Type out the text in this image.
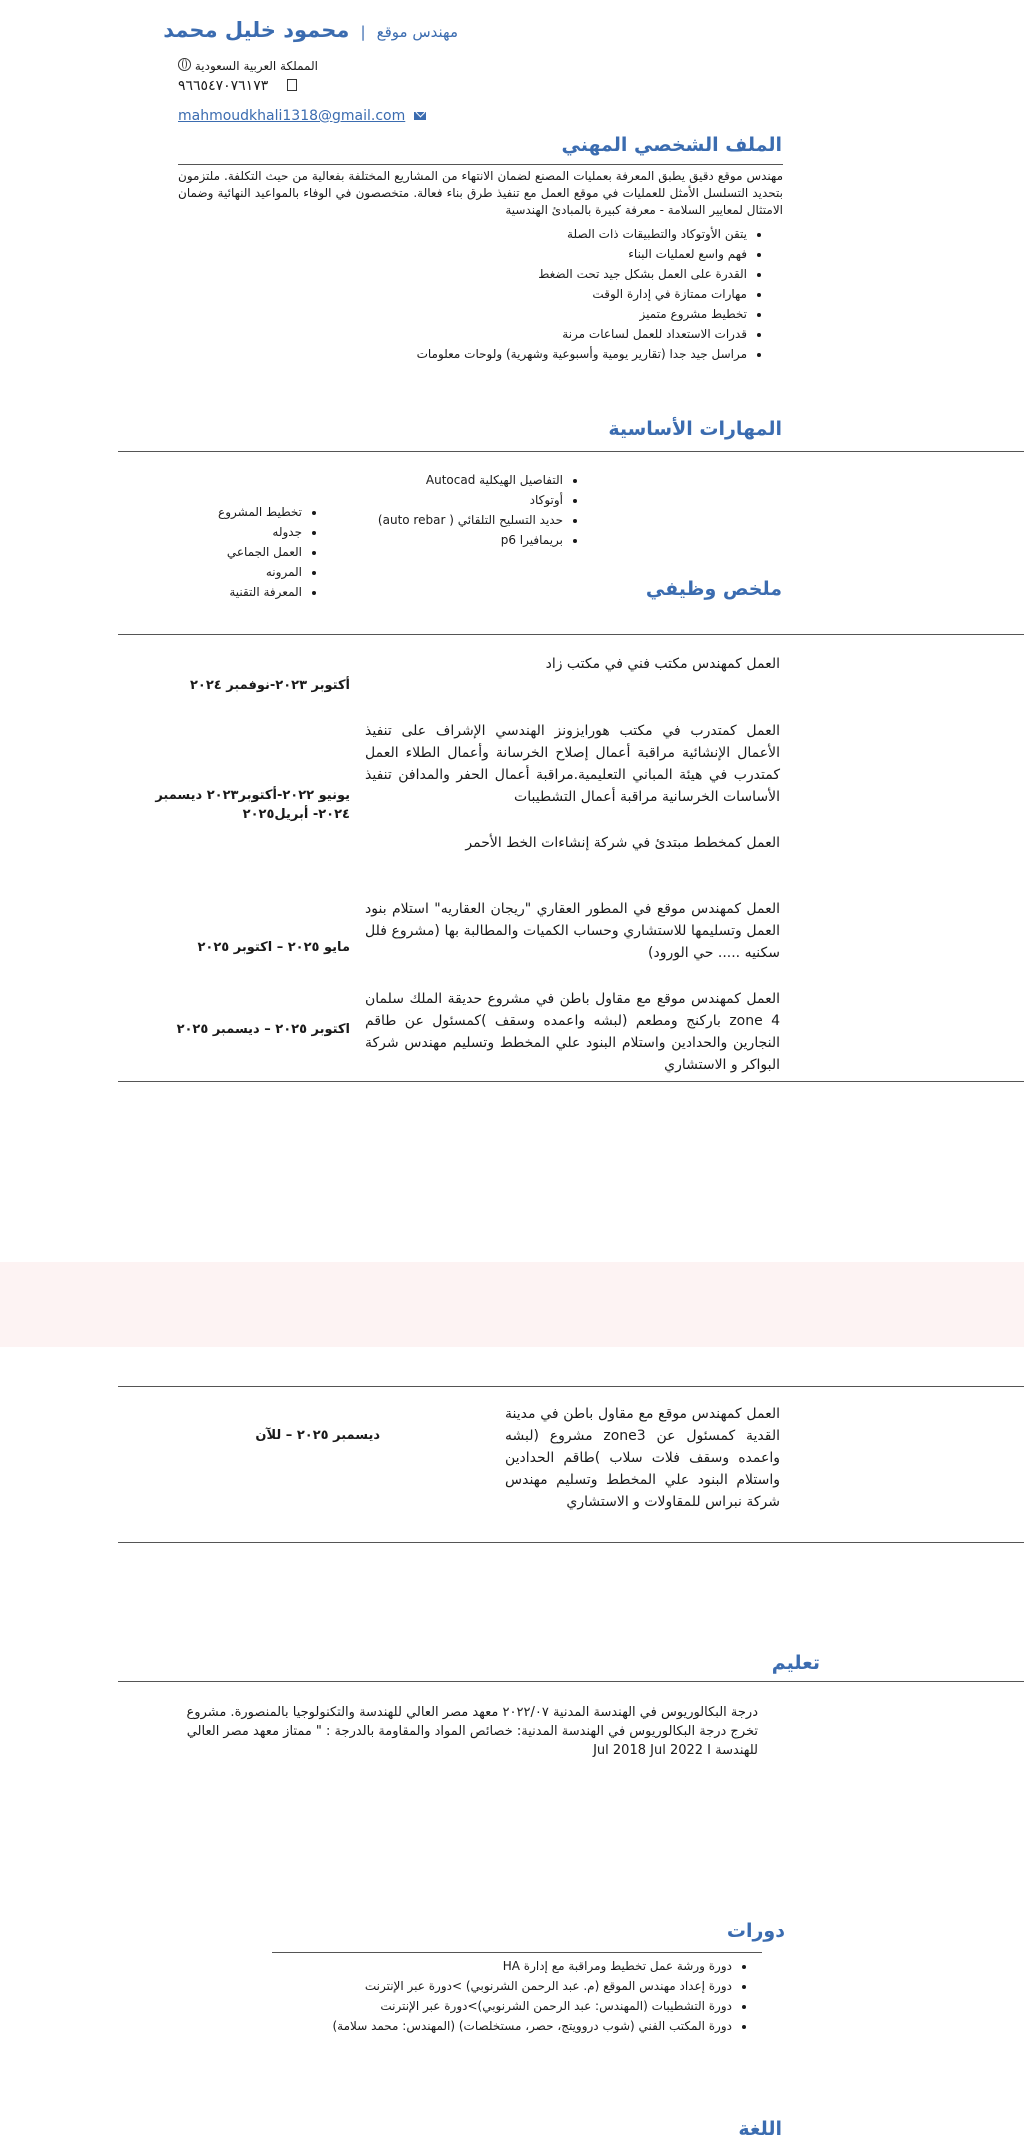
مهندس موقع | محمود خليل محمد
المملكة العربية السعودية
٩٦٦٥٤٧٠٧٦١٧٣
mahmoudkhali1318@gmail.com
الملف الشخصي المهني
مهندس موقع دقيق يطبق المعرفة بعمليات المصنع لضمان الانتهاء من المشاريع المختلفة بفعالية من حيث التكلفة. ملتزمون بتحديد التسلسل الأمثل للعمليات في موقع العمل مع تنفيذ طرق بناء فعالة. متخصصون في الوفاء بالمواعيد النهائية وضمان الامتثال لمعايير السلامة - معرفة كبيرة بالمبادئ الهندسية
• يتقن الأوتوكاد والتطبيقات ذات الصلة
• فهم واسع لعمليات البناء
• القدرة على العمل بشكل جيد تحت الضغط
• مهارات ممتازة في إدارة الوقت
• تخطيط مشروع متميز
• قدرات الاستعداد للعمل لساعات مرنة
• مراسل جيد جدا (تقارير يومية وأسبوعية وشهرية) ولوحات معلومات
المهارات الأساسية
• التفاصيل الهيكلية Autocad
• أوتوكاد
• حديد التسليح التلقائي ( auto rebar)
• بريمافيرا p6
• تخطيط المشروع
• جدوله
• العمل الجماعي
• المرونه
• المعرفة التقنية	ملخص وظيفي
العمل كمهندس مكتب فني في مكتب زاد
أكتوبر ٢٠٢٣-نوفمبر ٢٠٢٤
العمل كمتدرب في مكتب هورايزونز الهندسي الإشراف على تنفيذ الأعمال الإنشائية مراقبة أعمال إصلاح الخرسانة وأعمال الطلاء العمل كمتدرب في هيئة المباني التعليمية.مراقبة أعمال الحفر والمدافن تنفيذ الأساسات الخرسانية مراقبة أعمال التشطيبات
يونيو ٢٠٢٢-أكتوبر٢٠٢٣ ديسمبر ٢٠٢٤- أبريل٢٠٢٥
العمل كمخطط مبتدئ في شركة إنشاءات الخط الأحمر
العمل كمهندس موقع في المطور العقاري "ريجان العقاريه" استلام بنود العمل وتسليمها للاستشاري وحساب الكميات والمطالبة بها (مشروع فلل سكنيه ..... حي الورود)
مايو ٢٠٢٥ – اكتوبر ٢٠٢٥
العمل كمهندس موقع مع مقاول باطن في مشروع حديقة الملك سلمان zone 4 باركنج ومطعم (لبشه واعمده وسقف )كمسئول عن طاقم النجارين والحدادين واستلام البنود علي المخطط وتسليم مهندس شركة البواكر و الاستشاري
اكتوبر ٢٠٢٥ – ديسمبر ٢٠٢٥
العمل كمهندس موقع مع مقاول باطن في مدينة القدية كمسئول عن zone3 مشروع (لبشه واعمده وسقف فلات سلاب )طاقم الحدادين واستلام البنود علي المخطط وتسليم مهندس شركة نبراس للمقاولات و الاستشاري
ديسمبر ٢٠٢٥ – للآن
تعليم
درجة البكالوريوس في الهندسة المدنية ٢٠٢٢/٠٧ معهد مصر العالي للهندسة والتكنولوجيا بالمنصورة. مشروع تخرج درجة البكالوريوس في الهندسة المدنية: خصائص المواد والمقاومة بالدرجة : " ممتاز معهد مصر العالي للهندسة Jul 2018 Jul 2022 I
دورات
• دورة ورشة عمل تخطيط ومراقبة مع إدارة HA
• دورة إعداد مهندس الموقع (م. عبد الرحمن الشرنوبي) >دورة عبر الإنترنت
• دورة التشطيبات (المهندس: عبد الرحمن الشرنوبي)>دورة عبر الإنترنت
• دورة المكتب الفني (شوب دروويتج، حصر، مستخلصات) (المهندس: محمد سلامة)
اللغة
